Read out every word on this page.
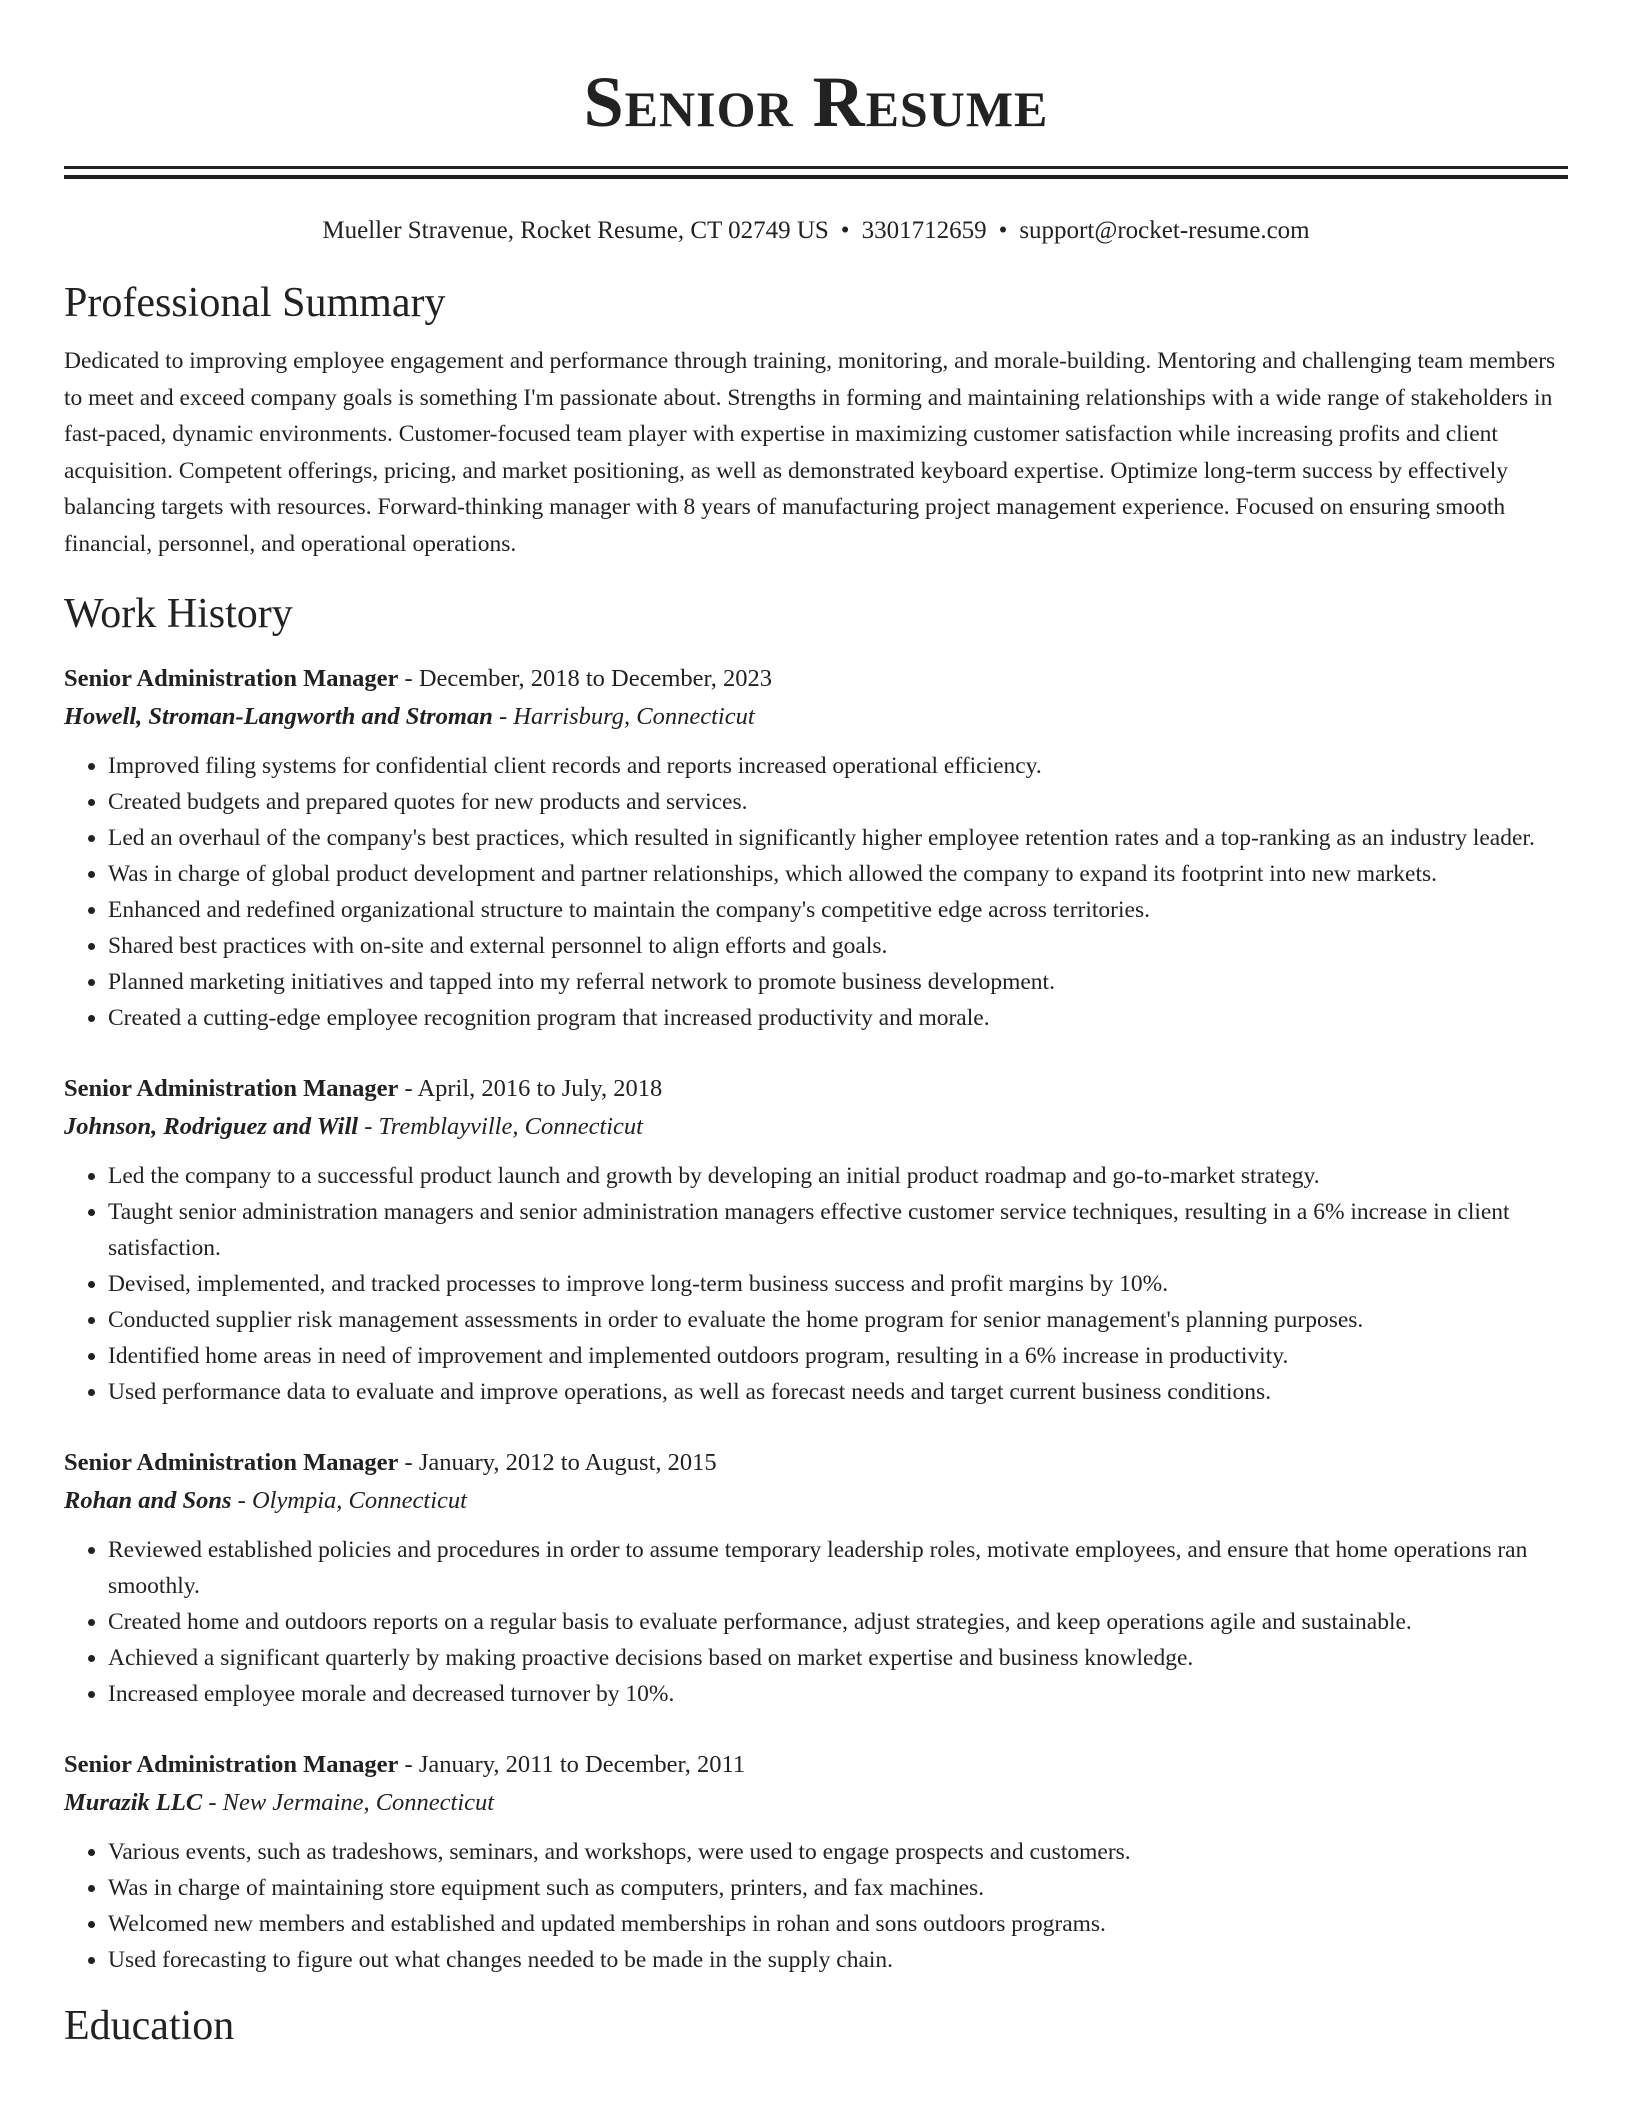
Senior Resume
Mueller Stravenue, Rocket Resume, CT 02749 US • 3301712659 • support@rocket-resume.com
Professional Summary

Dedicated to improving employee engagement and performance through training, monitoring, and morale-building. Mentoring and challenging team members to meet and exceed company goals is something I'm passionate about. Strengths in forming and maintaining relationships with a wide range of stakeholders in fast-paced, dynamic environments. Customer-focused team player with expertise in maximizing customer satisfaction while increasing profits and client acquisition. Competent offerings, pricing, and market positioning, as well as demonstrated keyboard expertise. Optimize long-term success by effectively balancing targets with resources. Forward-thinking manager with 8 years of manufacturing project management experience. Focused on ensuring smooth financial, personnel, and operational operations.

Work History
Senior Administration Manager - December, 2018 to December, 2023
Howell, Stroman-Langworth and Stroman - Harrisburg, Connecticut
• Improved filing systems for confidential client records and reports increased operational efficiency.
• Created budgets and prepared quotes for new products and services.
• Led an overhaul of the company's best practices, which resulted in significantly higher employee retention rates and a top-ranking as an industry leader.
• Was in charge of global product development and partner relationships, which allowed the company to expand its footprint into new markets.
• Enhanced and redefined organizational structure to maintain the company's competitive edge across territories.
• Shared best practices with on-site and external personnel to align efforts and goals.
• Planned marketing initiatives and tapped into my referral network to promote business development.
• Created a cutting-edge employee recognition program that increased productivity and morale.
Senior Administration Manager - April, 2016 to July, 2018
Johnson, Rodriguez and Will - Tremblayville, Connecticut
• Led the company to a successful product launch and growth by developing an initial product roadmap and go-to-market strategy.
• Taught senior administration managers and senior administration managers effective customer service techniques, resulting in a 6% increase in client satisfaction.
• Devised, implemented, and tracked processes to improve long-term business success and profit margins by 10%.
• Conducted supplier risk management assessments in order to evaluate the home program for senior management's planning purposes.
• Identified home areas in need of improvement and implemented outdoors program, resulting in a 6% increase in productivity.
• Used performance data to evaluate and improve operations, as well as forecast needs and target current business conditions.
Senior Administration Manager - January, 2012 to August, 2015
Rohan and Sons - Olympia, Connecticut
• Reviewed established policies and procedures in order to assume temporary leadership roles, motivate employees, and ensure that home operations ran smoothly.
• Created home and outdoors reports on a regular basis to evaluate performance, adjust strategies, and keep operations agile and sustainable.
• Achieved a significant quarterly by making proactive decisions based on market expertise and business knowledge.
• Increased employee morale and decreased turnover by 10%.
Senior Administration Manager - January, 2011 to December, 2011
Murazik LLC - New Jermaine, Connecticut
• Various events, such as tradeshows, seminars, and workshops, were used to engage prospects and customers.
• Was in charge of maintaining store equipment such as computers, printers, and fax machines.
• Welcomed new members and established and updated memberships in rohan and sons outdoors programs.
• Used forecasting to figure out what changes needed to be made in the supply chain.
Education
